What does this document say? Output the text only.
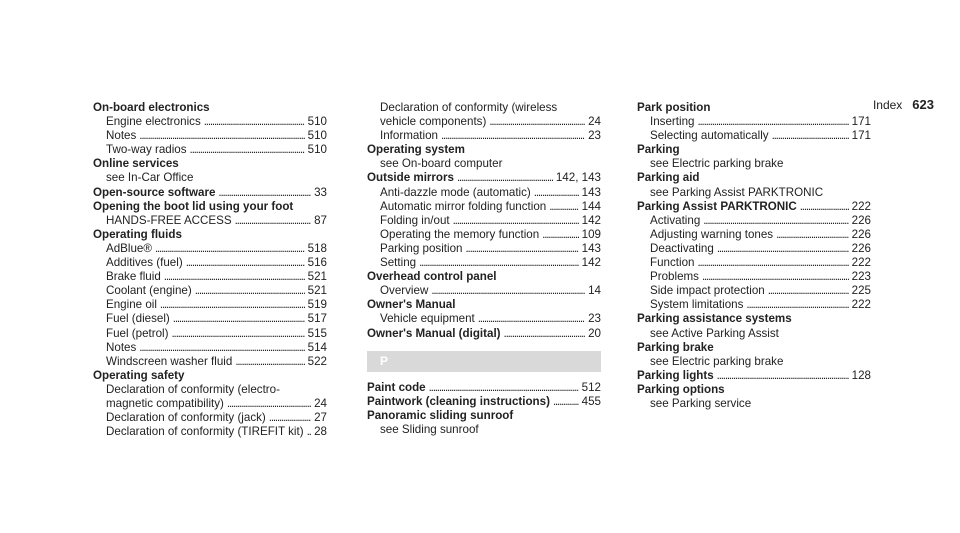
Index 623
On-board electronics
Engine electronics . . .	510
Notes . . .	510
Two-way radios . . .	510
Online services
see In-Car Office
Open-source software . . .	33
Opening the boot lid using your foot
HANDS-FREE ACCESS . . .	87
Operating fluids
AdBlue® . . .	518
Additives (fuel) . . .	516
Brake fluid . . .	521
Coolant (engine) . . .	521
Engine oil . . .	519
Fuel (diesel) . . .	517
Fuel (petrol) . . .	515
Notes . . .	514
Windscreen washer fluid . . .	522
Operating safety
Declaration of conformity (electro-
magnetic compatibility) . . .	24
Declaration of conformity (jack) . . .	27
Declaration of conformity (TIREFIT kit) . . . 28
Declaration of conformity (wireless
vehicle components) . . .	24
Information . . .	23
Operating system
see On-board computer
Outside mirrors . . .	142, 143
Anti-dazzle mode (automatic) . . .	143
Automatic mirror folding function . . .	144
Folding in/out . . .	142
Operating the memory function . . .	109
Parking position . . .	143
Setting . . .	142
Overhead control panel
Overview . . .	14
Owner's Manual
Vehicle equipment . . .	23
Owner's Manual (digital) . . .	20
P
Paint code . . .	512
Paintwork (cleaning instructions) . . .	455
Panoramic sliding sunroof
see Sliding sunroof
Park position
Inserting . . .	171
Selecting automatically . . .	171
Parking
see Electric parking brake
Parking aid
see Parking Assist PARKTRONIC
Parking Assist PARKTRONIC . . .	222
Activating . . .	226
Adjusting warning tones . . .	226
Deactivating . . .	226
Function . . .	222
Problems . . .	223
Side impact protection . . .	225
System limitations . . .	222
Parking assistance systems
see Active Parking Assist
Parking brake
see Electric parking brake
Parking lights . . .	128
Parking options
see Parking service
